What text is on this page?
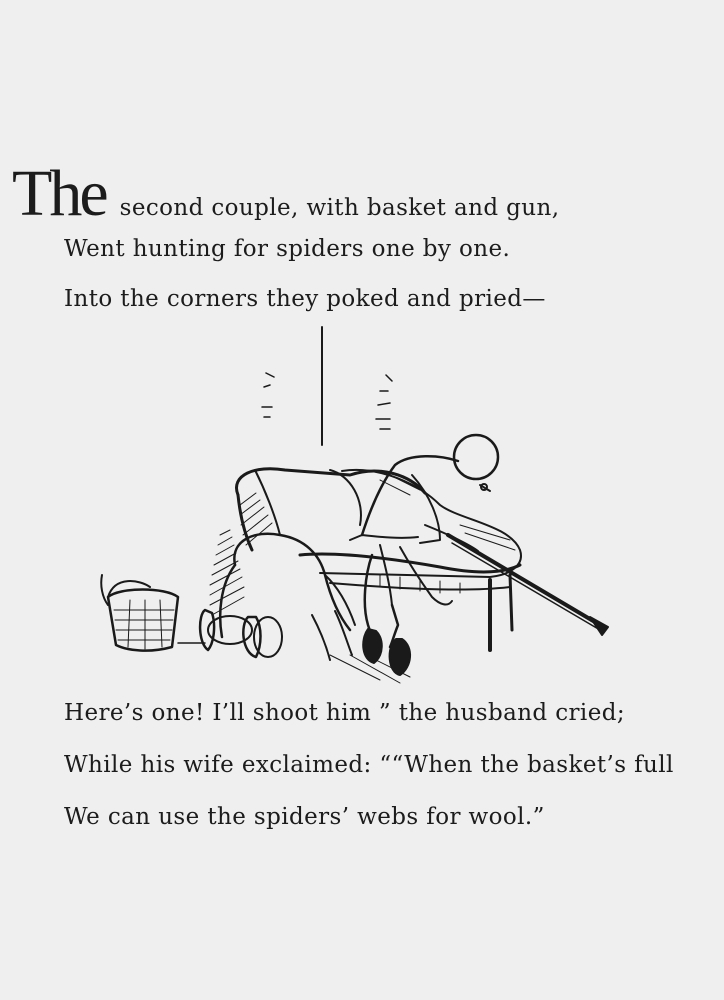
The second couple, with basket and gun,
Went hunting for spiders one by one.
Into the corners they poked and pried—
Here’s one! I’ll shoot him ” the husband cried;
While his wife exclaimed: ““When the basket’s full
We can use the spiders’ webs for wool.”
